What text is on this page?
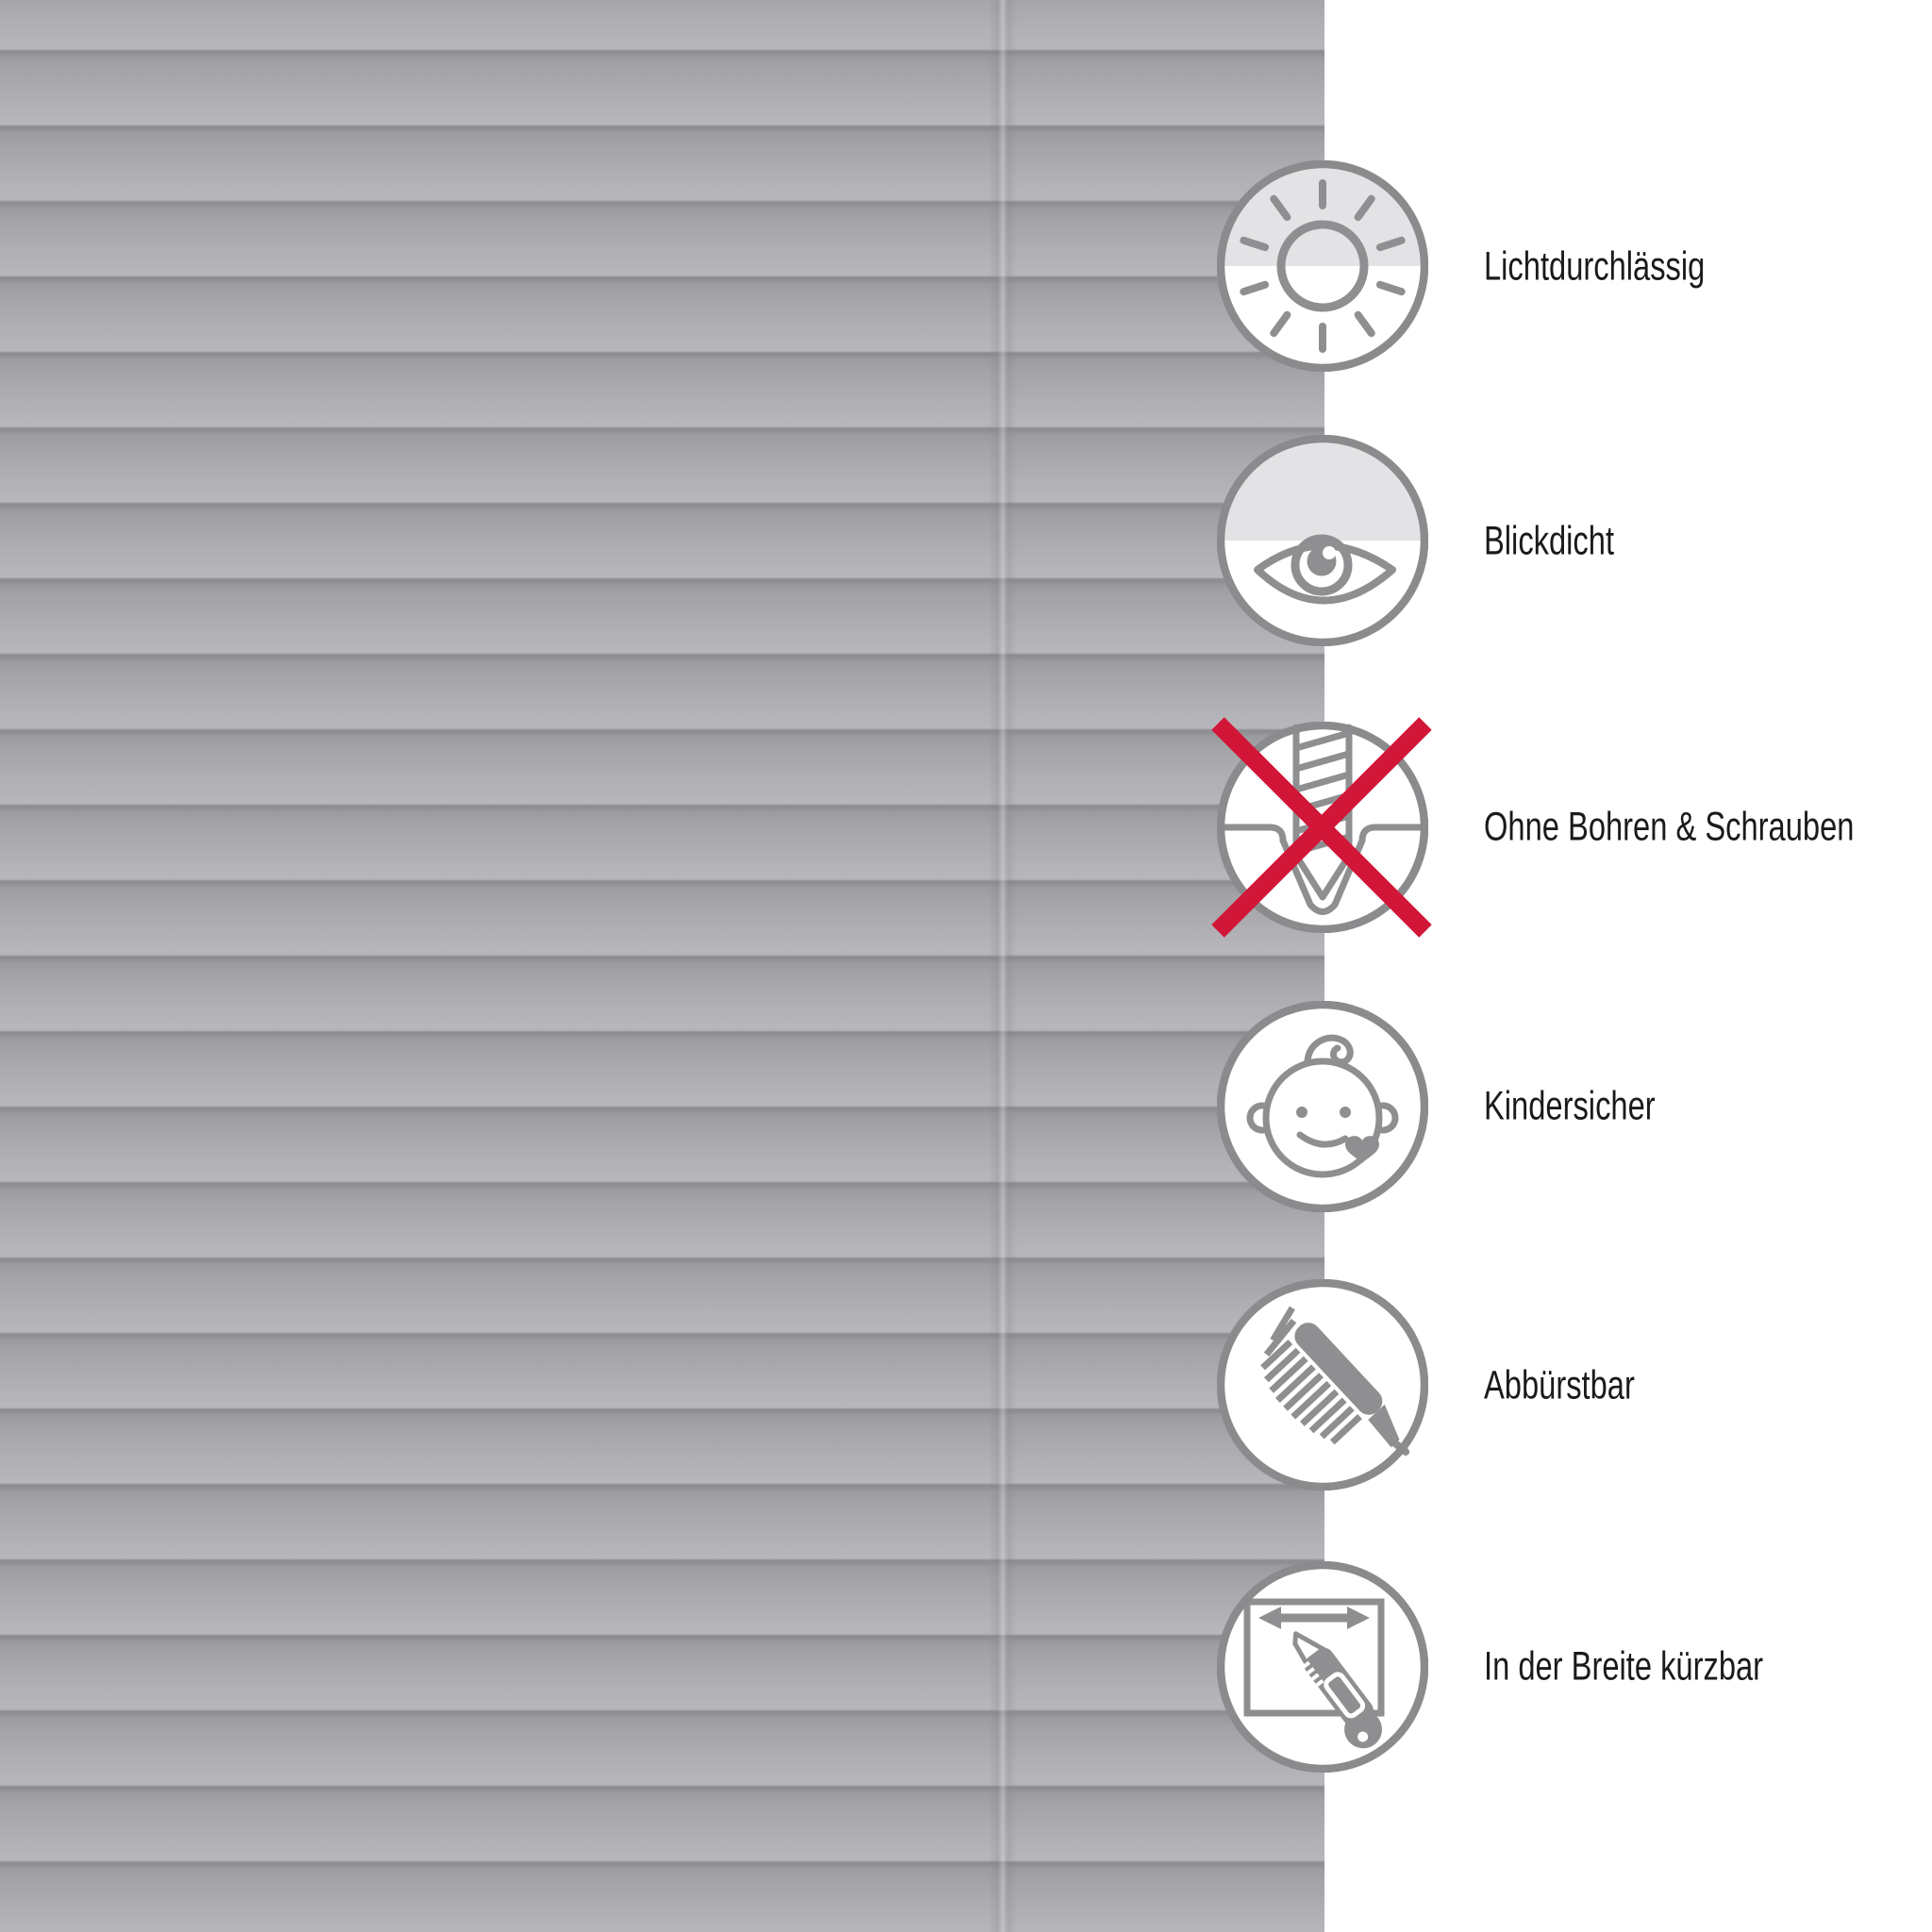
Lichtdurchlässig
Blickdicht
Ohne Bohren & Schrauben
Kindersicher
Abbürstbar
In der Breite kürzbar
